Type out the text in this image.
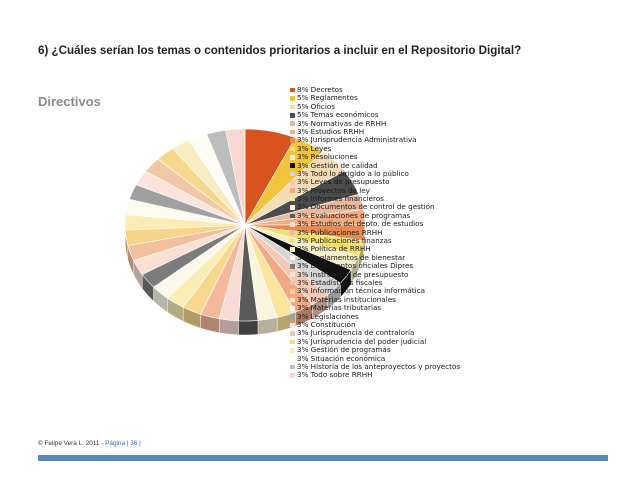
6) ¿Cuáles serían los temas o contenidos prioritarios a incluir en el Repositorio Digital?
Directivos
8% Decretos
5% Reglamentos
5% Oficios
5% Temas económicos
3% Normativas de RRHH
3% Estudios RRHH
3% Jurisprudencia Administrativa
3% Leyes
3% Resoluciones
3% Gestión de calidad
3% Todo lo dirigido a lo público
3% Leyes de presupuesto
3% Proyectos de ley
3% Informes financieros
3% Documentos de control de gestión
3% Evaluaciones de programas
3% Estudios del depto. de estudios
3% Publicaciones RRHH
3% Publicaciones finanzas
3% Política de RRHH
3% Reglamentos de bienestar
3% Documentos oficiales Dipres
3% Instrucción de presupuesto
3% Estadísticas fiscales
3% Información técnica informática
3% Materias institucionales
3% Materias tributarias
3% Legislaciones
3% Constitución
3% Jurisprudencia de contraloría
3% Jurisprudencia del poder judicial
3% Gestión de programas
3% Situación económica
3% Historia de los anteproyectos y proyectos
3% Todo sobre RRHH
© Felipe Vera L. 2011 - Página | 36 |
